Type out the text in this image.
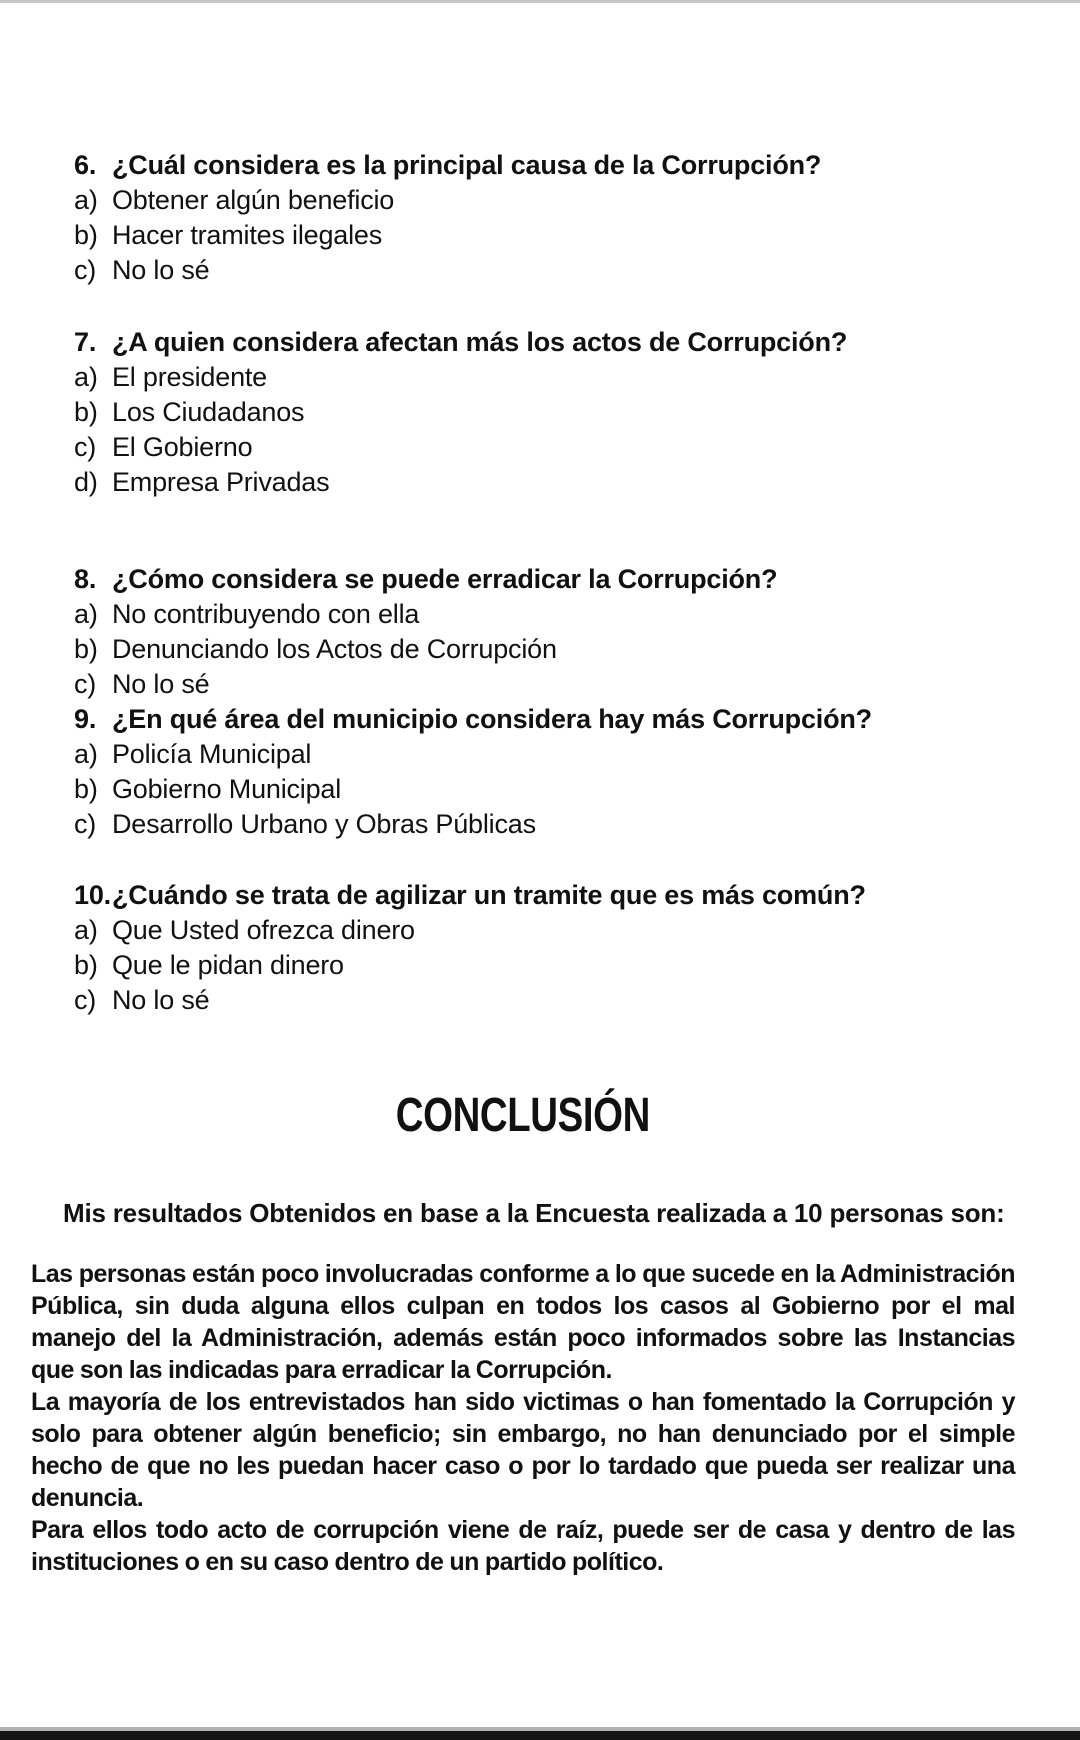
6. ¿Cuál considera es la principal causa de la Corrupción?
a) Obtener algún beneficio
b) Hacer tramites ilegales
c) No lo sé
7. ¿A quien considera afectan más los actos de Corrupción?
a) El presidente
b) Los Ciudadanos
c) El Gobierno
d) Empresa Privadas
8. ¿Cómo considera se puede erradicar la Corrupción?
a) No contribuyendo con ella
b) Denunciando los Actos de Corrupción
c) No lo sé
9. ¿En qué área del municipio considera hay más Corrupción?
a) Policía Municipal
b) Gobierno Municipal
c) Desarrollo Urbano y Obras Públicas
10. ¿Cuándo se trata de agilizar un tramite que es más común?
a) Que Usted ofrezca dinero
b) Que le pidan dinero
c) No lo sé
CONCLUSIÓN
Mis resultados Obtenidos en base a la Encuesta realizada a 10 personas son:

Las personas están poco involucradas conforme a lo que sucede en la Administración Pública, sin duda alguna ellos culpan en todos los casos al Gobierno por el mal manejo del la Administración, además están poco informados sobre las Instancias que son las indicadas para erradicar la Corrupción.

La mayoría de los entrevistados han sido victimas o han fomentado la Corrupción y solo para obtener algún beneficio; sin embargo, no han denunciado por el simple hecho de que no les puedan hacer caso o por lo tardado que pueda ser realizar una denuncia.

Para ellos todo acto de corrupción viene de raíz, puede ser de casa y dentro de las instituciones o en su caso dentro de un partido político.
